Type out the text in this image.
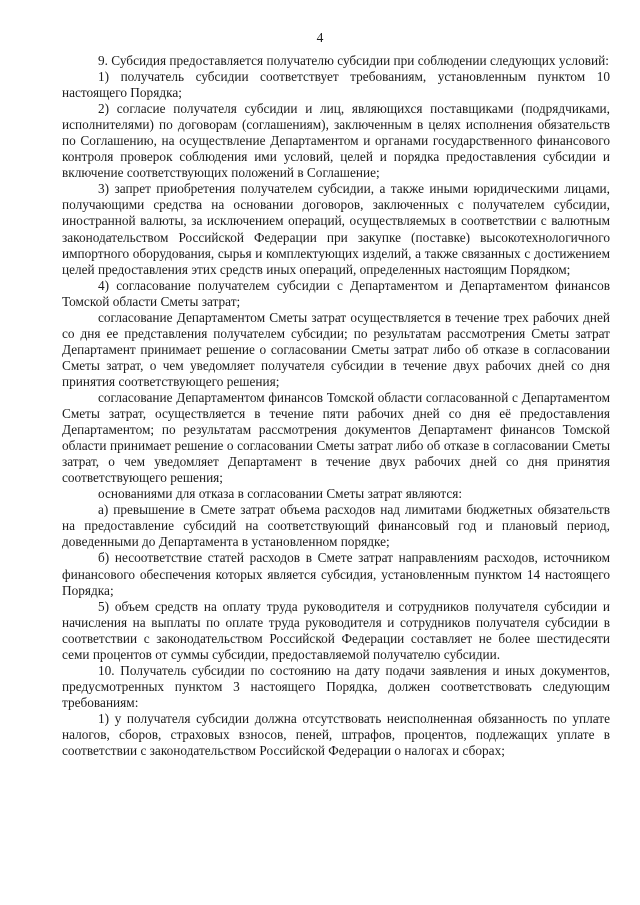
4

9. Субсидия предоставляется получателю субсидии при соблюдении следующих условий:

1) получатель субсидии соответствует требованиям, установленным пунктом 10 настоящего Порядка;

2) согласие получателя субсидии и лиц, являющихся поставщиками (подрядчиками, исполнителями) по договорам (соглашениям), заключенным в целях исполнения обязательств по Соглашению, на осуществление Департаментом и органами государственного финансового контроля проверок соблюдения ими условий, целей и порядка предоставления субсидии и включение соответствующих положений в Соглашение;

3) запрет приобретения получателем субсидии, а также иными юридическими лицами, получающими средства на основании договоров, заключенных с получателем субсидии, иностранной валюты, за исключением операций, осуществляемых в соответствии с валютным законодательством Российской Федерации при закупке (поставке) высокотехнологичного импортного оборудования, сырья и комплектующих изделий, а также связанных с достижением целей предоставления этих средств иных операций, определенных настоящим Порядком;

4) согласование получателем субсидии с Департаментом и Департаментом финансов Томской области Сметы затрат;

согласование Департаментом Сметы затрат осуществляется в течение трех рабочих дней со дня ее представления получателем субсидии; по результатам рассмотрения Сметы затрат Департамент принимает решение о согласовании Сметы затрат либо об отказе в согласовании Сметы затрат, о чем уведомляет получателя субсидии в течение двух рабочих дней со дня принятия соответствующего решения;

согласование Департаментом финансов Томской области согласованной с Департаментом Сметы затрат, осуществляется в течение пяти рабочих дней со дня её предоставления Департаментом; по результатам рассмотрения документов Департамент финансов Томской области принимает решение о согласовании Сметы затрат либо об отказе в согласовании Сметы затрат, о чем уведомляет Департамент в течение двух рабочих дней со дня принятия соответствующего решения;

основаниями для отказа в согласовании Сметы затрат являются:

а) превышение в Смете затрат объема расходов над лимитами бюджетных обязательств на предоставление субсидий на соответствующий финансовый год и плановый период, доведенными до Департамента в установленном порядке;

б) несоответствие статей расходов в Смете затрат направлениям расходов, источником финансового обеспечения которых является субсидия, установленным пунктом 14 настоящего Порядка;

5) объем средств на оплату труда руководителя и сотрудников получателя субсидии и начисления на выплаты по оплате труда руководителя и сотрудников получателя субсидии в соответствии с законодательством Российской Федерации составляет не более шестидесяти семи процентов от суммы субсидии, предоставляемой получателю субсидии.

10. Получатель субсидии по состоянию на дату подачи заявления и иных документов, предусмотренных пунктом 3 настоящего Порядка, должен соответствовать следующим требованиям:

1) у получателя субсидии должна отсутствовать неисполненная обязанность по уплате налогов, сборов, страховых взносов, пеней, штрафов, процентов, подлежащих уплате в соответствии с законодательством Российской Федерации о налогах и сборах;
